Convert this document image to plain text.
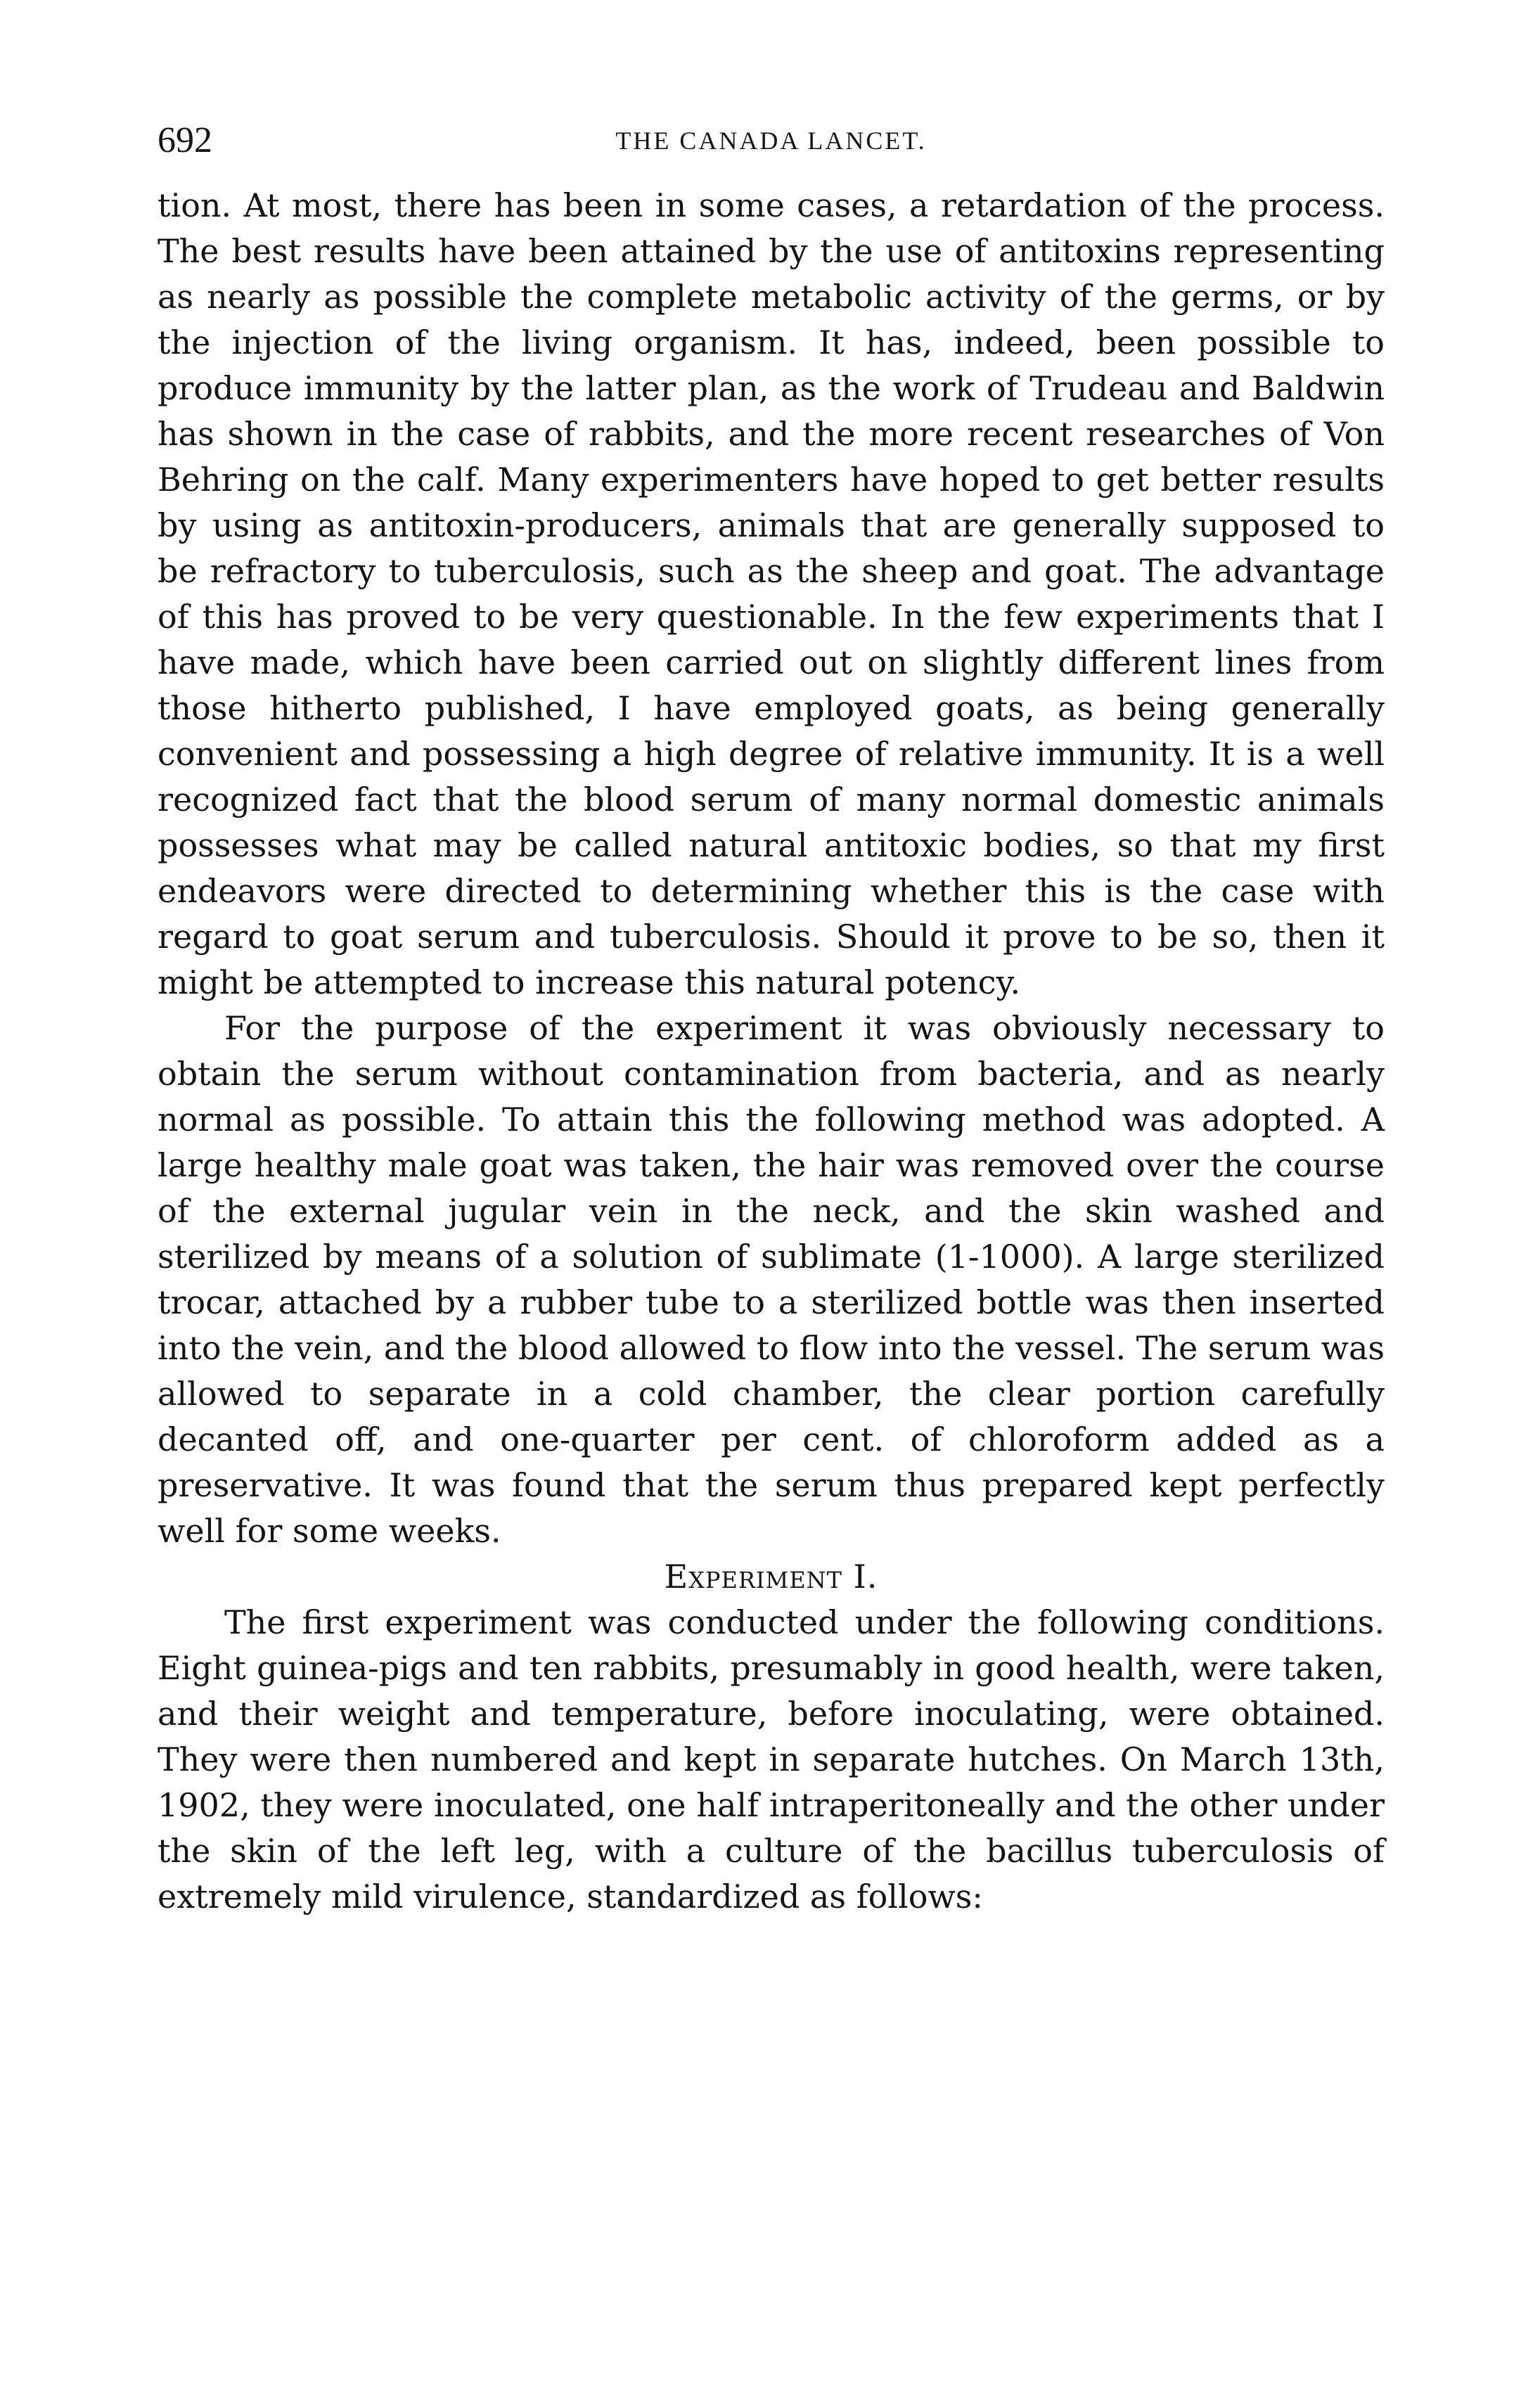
692	THE CANADA LANCET.

tion. At most, there has been in some cases, a retardation of the process. The best results have been attained by the use of antitoxins representing as nearly as possible the complete metabolic activity of the germs, or by the injection of the living organism. It has, indeed, been possible to produce immunity by the latter plan, as the work of Trudeau and Baldwin has shown in the case of rabbits, and the more recent researches of Von Behring on the calf. Many experimenters have hoped to get better results by using as antitoxin-producers, animals that are generally supposed to be refractory to tuberculosis, such as the sheep and goat. The advantage of this has proved to be very questionable. In the few experiments that I have made, which have been carried out on slightly different lines from those hitherto published, I have employed goats, as being generally convenient and possessing a high degree of relative immunity. It is a well recognized fact that the blood serum of many normal domestic animals possesses what may be called natural antitoxic bodies, so that my first endeavors were directed to determining whether this is the case with regard to goat serum and tuberculosis. Should it prove to be so, then it might be attempted to increase this natural potency.

For the purpose of the experiment it was obviously necessary to obtain the serum without contamination from bacteria, and as nearly normal as possible. To attain this the following method was adopted. A large healthy male goat was taken, the hair was removed over the course of the external jugular vein in the neck, and the skin washed and sterilized by means of a solution of sublimate (1-1000). A large sterilized trocar, attached by a rubber tube to a sterilized bottle was then inserted into the vein, and the blood allowed to flow into the vessel. The serum was allowed to separate in a cold chamber, the clear portion carefully decanted off, and one-quarter per cent. of chloroform added as a preservative. It was found that the serum thus prepared kept perfectly well for some weeks.

Experiment I.

The first experiment was conducted under the following conditions. Eight guinea-pigs and ten rabbits, presumably in good health, were taken, and their weight and temperature, before inoculating, were obtained. They were then numbered and kept in separate hutches. On March 13th, 1902, they were inoculated, one half intraperitoneally and the other under the skin of the left leg, with a culture of the bacillus tuberculosis of extremely mild virulence, standardized as follows:
